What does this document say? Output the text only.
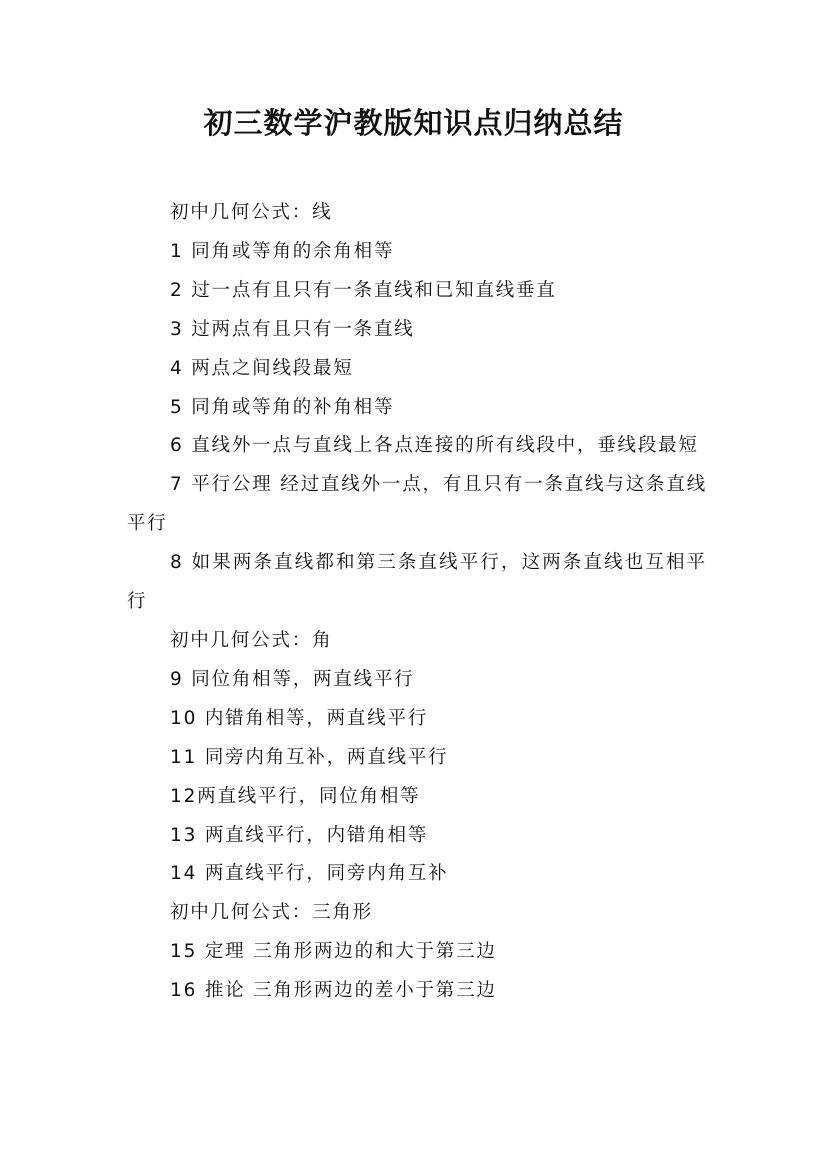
初三数学沪教版知识点归纳总结

初中几何公式：线

1 同角或等角的余角相等

2 过一点有且只有一条直线和已知直线垂直

3 过两点有且只有一条直线

4 两点之间线段最短

5 同角或等角的补角相等

6 直线外一点与直线上各点连接的所有线段中，垂线段最短

7 平行公理 经过直线外一点，有且只有一条直线与这条直线平行

8 如果两条直线都和第三条直线平行，这两条直线也互相平行

初中几何公式：角

9 同位角相等，两直线平行

10 内错角相等，两直线平行

11 同旁内角互补，两直线平行

12两直线平行，同位角相等

13 两直线平行，内错角相等

14 两直线平行，同旁内角互补

初中几何公式：三角形

15 定理 三角形两边的和大于第三边

16 推论 三角形两边的差小于第三边
